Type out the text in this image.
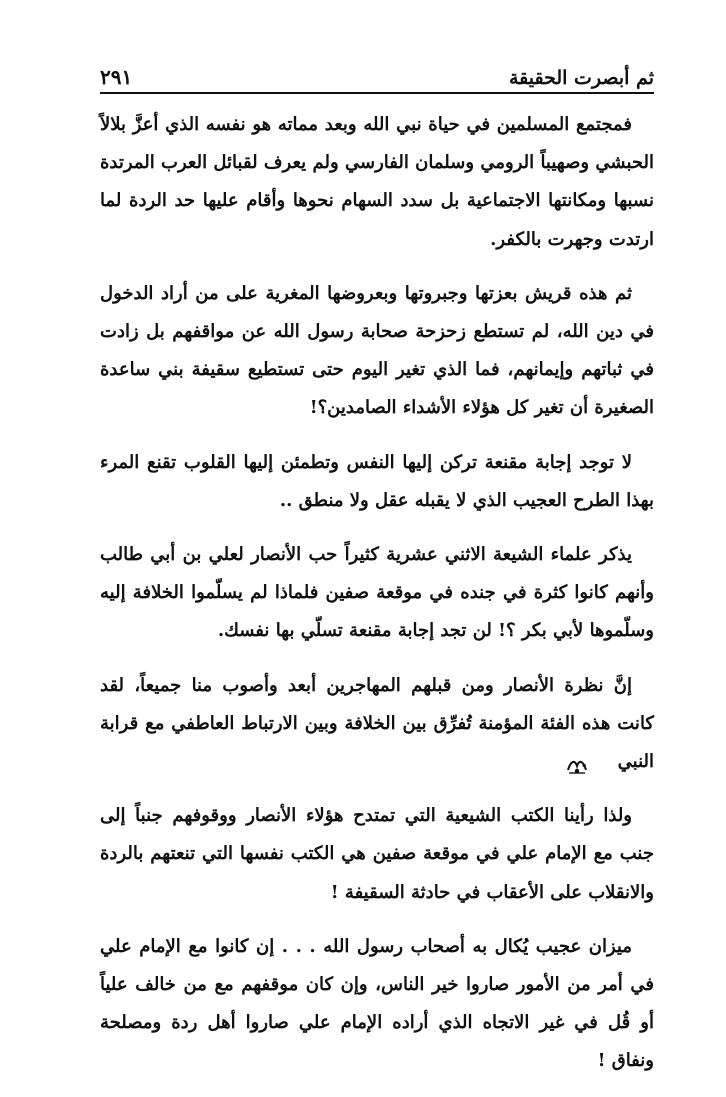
٢٩١	ثم أبصرت الحقيقة

فمجتمع المسلمين في حياة نبي الله وبعد مماته هو نفسه الذي أعزَّ بلالاً الحبشي وصهيباً الرومي وسلمان الفارسي ولم يعرف لقبائل العرب المرتدة نسبها ومكانتها الاجتماعية بل سدد السهام نحوها وأقام عليها حد الردة لما ارتدت وجهرت بالكفر.

ثم هذه قريش بعزتها وجبروتها وبعروضها المغرية على من أراد الدخول في دين الله، لم تستطع زحزحة صحابة رسول الله عن مواقفهم بل زادت في ثباتهم وإيمانهم، فما الذي تغير اليوم حتى تستطيع سقيفة بني ساعدة الصغيرة أن تغير كل هؤلاء الأشداء الصامدين؟!

لا توجد إجابة مقنعة تركن إليها النفس وتطمئن إليها القلوب تقنع المرء بهذا الطرح العجيب الذي لا يقبله عقل ولا منطق ..

يذكر علماء الشيعة الاثني عشرية كثيراً حب الأنصار لعلي بن أبي طالب وأنهم كانوا كثرة في جنده في موقعة صفين فلماذا لم يسلّموا الخلافة إليه وسلّموها لأبي بكر ؟! لن تجد إجابة مقنعة تسلّي بها نفسك.

إنَّ نظرة الأنصار ومن قبلهم المهاجرين أبعد وأصوب منا جميعاً، لقد كانت هذه الفئة المؤمنة تُفرِّق بين الخلافة وبين الارتباط العاطفي مع قرابة النبي .

ولذا رأينا الكتب الشيعية التي تمتدح هؤلاء الأنصار ووقوفهم جنباً إلى جنب مع الإمام علي في موقعة صفين هي الكتب نفسها التي تنعتهم بالردة والانقلاب على الأعقاب في حادثة السقيفة !

ميزان عجيب يُكال به أصحاب رسول الله . . . إن كانوا مع الإمام علي في أمر من الأمور صاروا خير الناس، وإن كان موقفهم مع من خالف علياً أو قُل في غير الاتجاه الذي أراده الإمام علي صاروا أهل ردة ومصلحة ونفاق !
